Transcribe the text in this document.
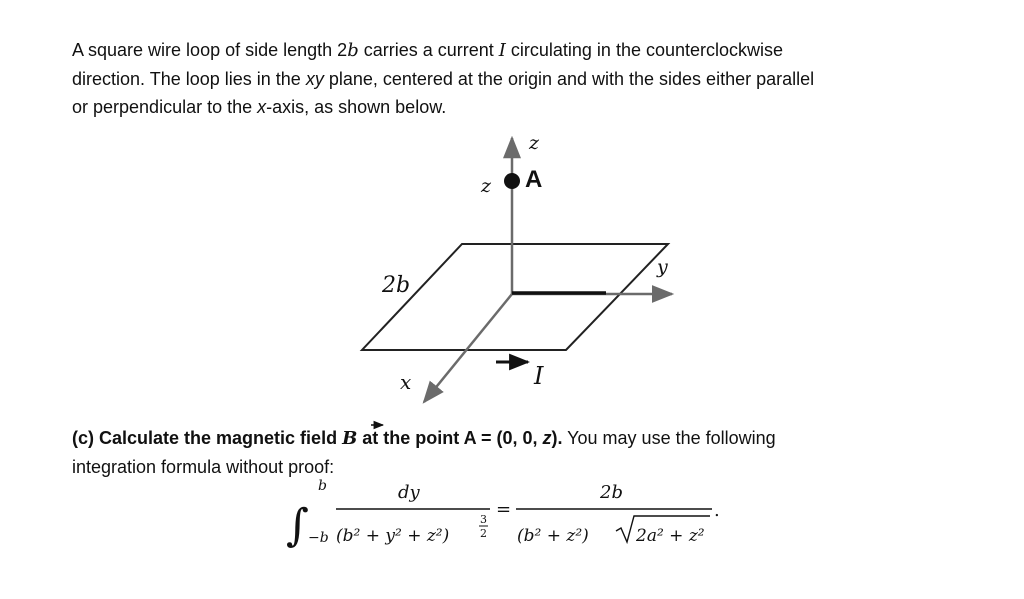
A square wire loop of side length 2b carries a current I circulating in the counterclockwise
direction. The loop lies in the xy plane, centered at the origin and with the sides either parallel
or perpendicular to the x-axis, as shown below.
z
z A
2b
y
x	I
∫
b
−b
dy
(b² + y² + z²)
3
2
=
2b
(b² + z²)	2a² + z²
.
(c) Calculate the magnetic field B at the point A = (0, 0, z). You may use the following
integration formula without proof:
